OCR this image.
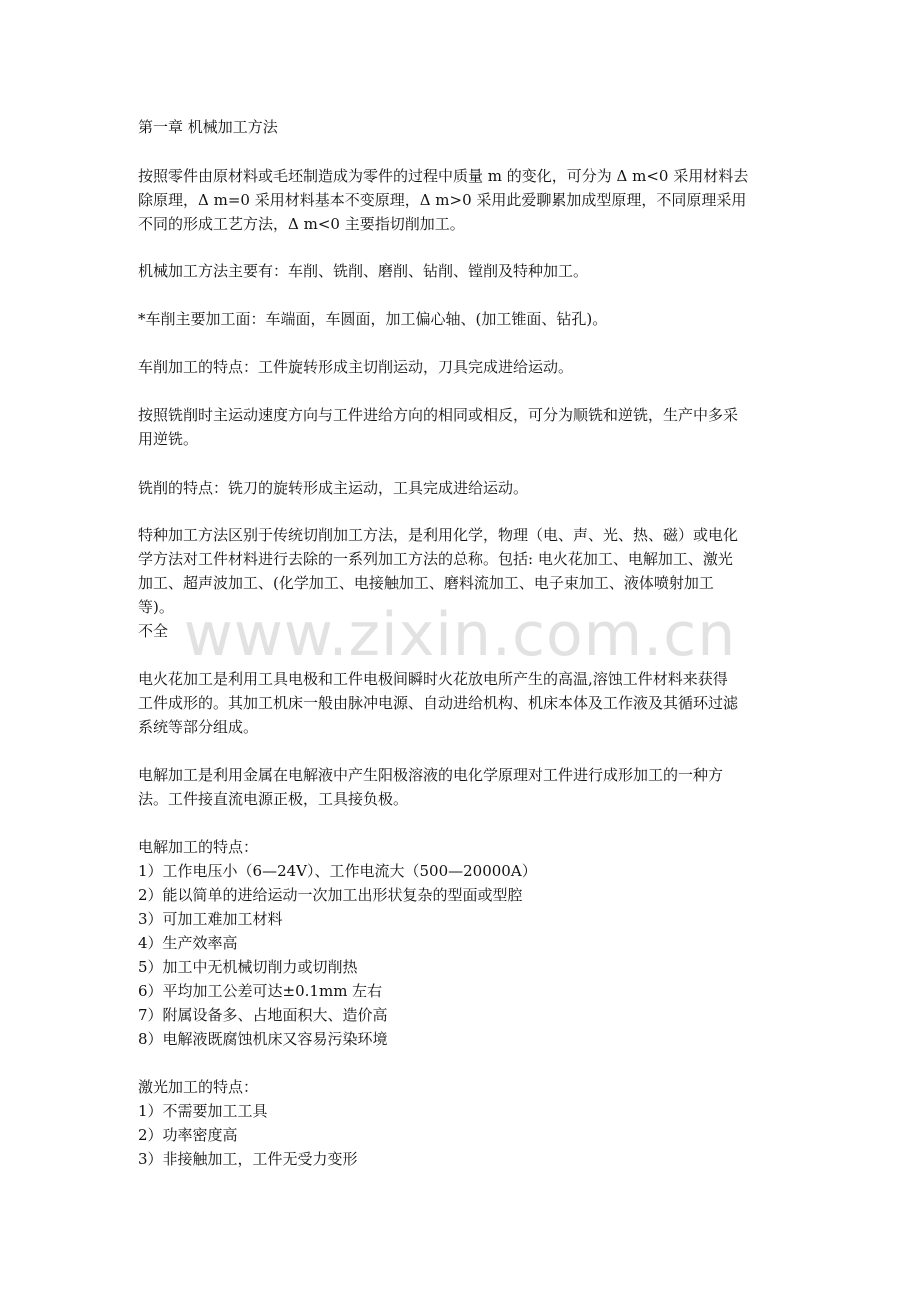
www.zixin.com.cn
第一章 机械加工方法
按照零件由原材料或毛坯制造成为零件的过程中质量 m 的变化，可分为 Δ m<0 采用材料去
除原理，Δ m=0 采用材料基本不变原理，Δ m>0 采用此爱聊累加成型原理，不同原理采用
不同的形成工艺方法，Δ m<0 主要指切削加工。
机械加工方法主要有：车削、铣削、磨削、钻削、镗削及特种加工。
*车削主要加工面：车端面，车圆面，加工偏心轴、(加工锥面、钻孔)。
车削加工的特点：工件旋转形成主切削运动，刀具完成进给运动。
按照铣削时主运动速度方向与工件进给方向的相同或相反，可分为顺铣和逆铣，生产中多采
用逆铣。
铣削的特点：铣刀的旋转形成主运动，工具完成进给运动。
特种加工方法区别于传统切削加工方法，是利用化学，物理（电、声、光、热、磁）或电化
学方法对工件材料进行去除的一系列加工方法的总称。包括: 电火花加工、电解加工、激光
加工、超声波加工、(化学加工、电接触加工、磨料流加工、电子束加工、液体喷射加工
等)。
不全
电火花加工是利用工具电极和工件电极间瞬时火花放电所产生的高温,溶蚀工件材料来获得
工件成形的。其加工机床一般由脉冲电源、自动进给机构、机床本体及工作液及其循环过滤
系统等部分组成。
电解加工是利用金属在电解液中产生阳极溶液的电化学原理对工件进行成形加工的一种方
法。工件接直流电源正极，工具接负极。
电解加工的特点：
1）工作电压小（6—24V）、工作电流大（500—20000A）
2）能以简单的进给运动一次加工出形状复杂的型面或型腔
3）可加工难加工材料
4）生产效率高
5）加工中无机械切削力或切削热
6）平均加工公差可达±0.1mm 左右
7）附属设备多、占地面积大、造价高
8）电解液既腐蚀机床又容易污染环境
激光加工的特点：
1）不需要加工工具
2）功率密度高
3）非接触加工，工件无受力变形
